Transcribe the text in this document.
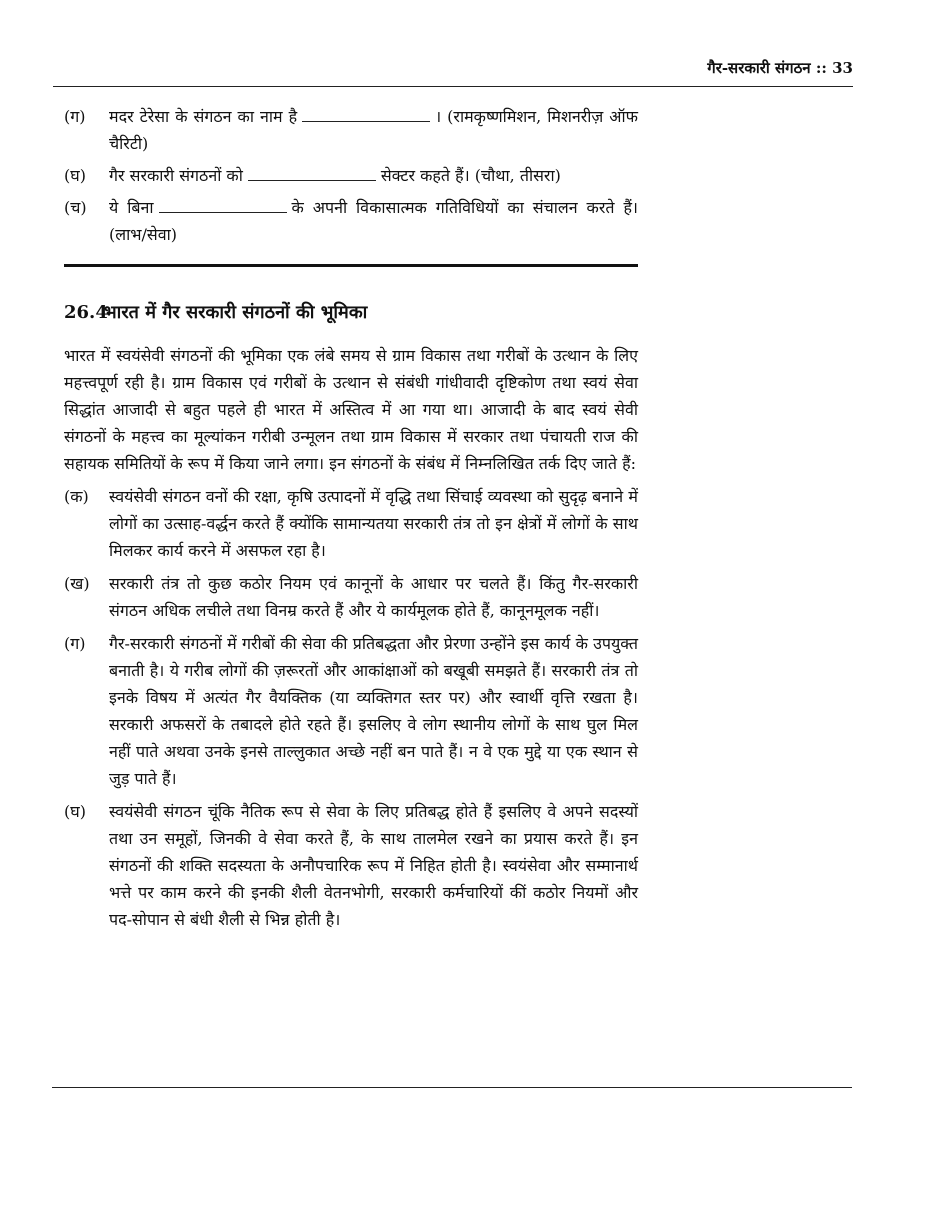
गैर-सरकारी संगठन :: 33
(ग) मदर टेरेसा के संगठन का नाम है	। (रामकृष्णमिशन, मिशनरीज़ ऑफ चैरिटी)
(घ) गैर सरकारी संगठनों को	सेक्टर कहते हैं। (चौथा, तीसरा)
(च) ये बिना	के अपनी विकासात्मक गतिविधियों का संचालन करते हैं। (लाभ/सेवा)
26.4भारत में गैर सरकारी संगठनों की भूमिका

भारत में स्वयंसेवी संगठनों की भूमिका एक लंबे समय से ग्राम विकास तथा गरीबों के उत्थान के लिए महत्त्वपूर्ण रही है। ग्राम विकास एवं गरीबों के उत्थान से संबंधी गांधीवादी दृष्टिकोण तथा स्वयं सेवा सिद्धांत आजादी से बहुत पहले ही भारत में अस्तित्व में आ गया था। आजादी के बाद स्वयं सेवी संगठनों के महत्त्व का मूल्यांकन गरीबी उन्मूलन तथा ग्राम विकास में सरकार तथा पंचायती राज की सहायक समितियों के रूप में किया जाने लगा। इन संगठनों के संबंध में निम्नलिखित तर्क दिए जाते हैं:

(क) स्वयंसेवी संगठन वनों की रक्षा, कृषि उत्पादनों में वृद्धि तथा सिंचाई व्यवस्था को सुदृढ़ बनाने में लोगों का उत्साह-वर्द्धन करते हैं क्योंकि सामान्यतया सरकारी तंत्र तो इन क्षेत्रों में लोगों के साथ मिलकर कार्य करने में असफल रहा है।
(ख) सरकारी तंत्र तो कुछ कठोर नियम एवं कानूनों के आधार पर चलते हैं। किंतु गैर-सरकारी संगठन अधिक लचीले तथा विनम्र करते हैं और ये कार्यमूलक होते हैं, कानूनमूलक नहीं।
(ग) गैर-सरकारी संगठनों में गरीबों की सेवा की प्रतिबद्धता और प्रेरणा उन्होंने इस कार्य के उपयुक्त बनाती है। ये गरीब लोगों की ज़रूरतों और आकांक्षाओं को बखूबी समझते हैं। सरकारी तंत्र तो इनके विषय में अत्यंत गैर वैयक्तिक (या व्यक्तिगत स्तर पर) और स्वार्थी वृत्ति रखता है। सरकारी अफसरों के तबादले होते रहते हैं। इसलिए वे लोग स्थानीय लोगों के साथ घुल मिल नहीं पाते अथवा उनके इनसे ताल्लुकात अच्छे नहीं बन पाते हैं। न वे एक मुद्दे या एक स्थान से जुड़ पाते हैं।
(घ) स्वयंसेवी संगठन चूंकि नैतिक रूप से सेवा के लिए प्रतिबद्ध होते हैं इसलिए वे अपने सदस्यों तथा उन समूहों, जिनकी वे सेवा करते हैं, के साथ तालमेल रखने का प्रयास करते हैं। इन संगठनों की शक्ति सदस्यता के अनौपचारिक रूप में निहित होती है। स्वयंसेवा और सम्मानार्थ भत्ते पर काम करने की इनकी शैली वेतनभोगी, सरकारी कर्मचारियों कीं कठोर नियमों और पद-सोपान से बंधी शैली से भिन्न होती है।
